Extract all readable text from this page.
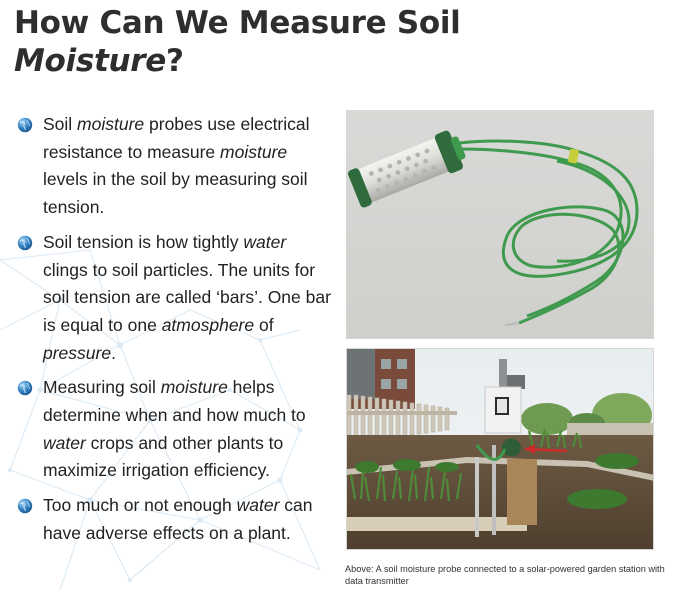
How Can We Measure Soil
Moisture?
Soil moisture probes use electrical resistance to measure moisture levels in the soil by measuring soil tension.
Soil tension is how tightly water clings to soil particles. The units for soil tension are called ‘bars’. One bar is equal to one atmosphere of pressure.
Measuring soil moisture helps determine when and how much to water crops and other plants to maximize irrigation efficiency.
Too much or not enough water can have adverse effects on a plant.

Above: A soil moisture probe connected to a solar-powered garden station with data transmitter
